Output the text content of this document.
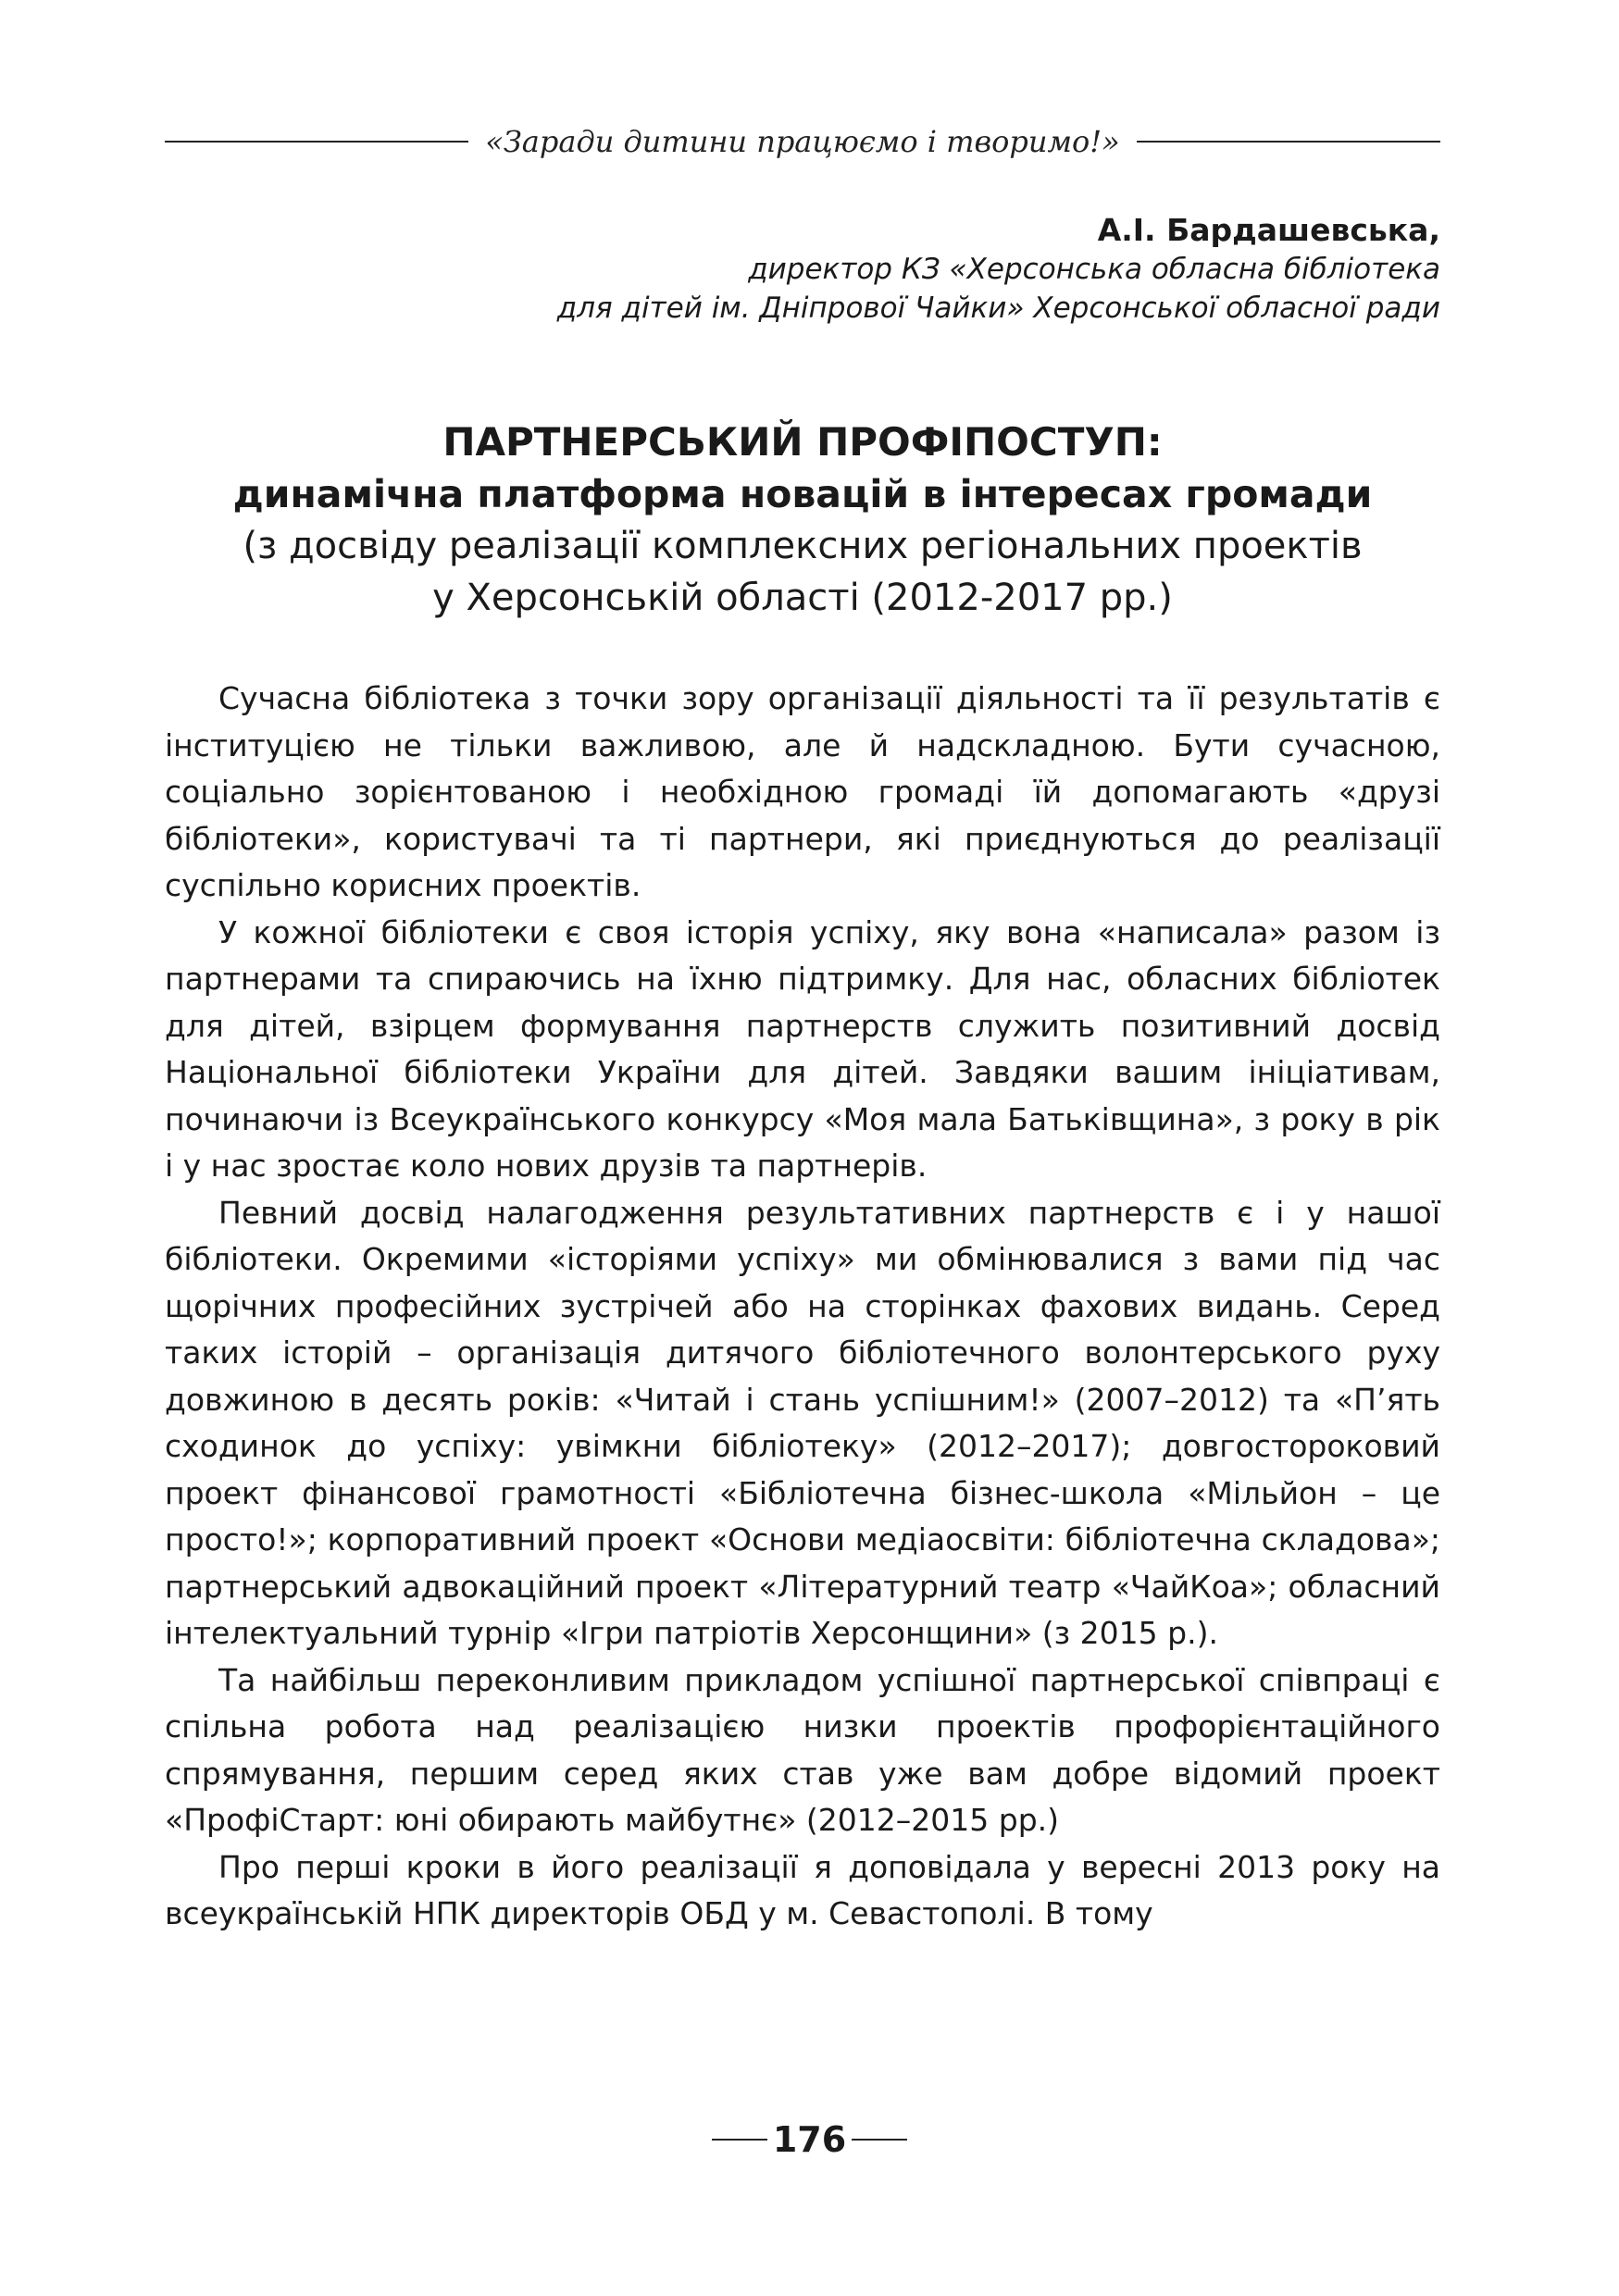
«Заради дитини працюємо і творимо!»
А.І. Бардашевська,
директор КЗ «Херсонська обласна бібліотека
для дітей ім. Дніпрової Чайки» Херсонської обласної ради
ПАРТНЕРСЬКИЙ ПРОФІПОСТУП:
динамічна платформа новацій в інтересах громади
(з досвіду реалізації комплексних регіональних проектів
у Херсонській області (2012-2017 рр.)

Сучасна бібліотека з точки зору організації діяльності та її результатів є інституцією не тільки важливою, але й надскладною. Бути сучасною, соціально зорієнтованою і необхідною громаді їй допомагають «друзі бібліотеки», користувачі та ті партнери, які приєднуються до реалізації суспільно корисних проектів.

У кожної бібліотеки є своя історія успіху, яку вона «написала» разом із партнерами та спираючись на їхню підтримку. Для нас, обласних бібліотек для дітей, взірцем формування партнерств служить позитивний досвід Національної бібліотеки України для дітей. Завдяки вашим ініціативам, починаючи із Всеукраїнського конкурсу «Моя мала Батьківщина», з року в рік і у нас зростає коло нових друзів та партнерів.

Певний досвід налагодження результативних партнерств є і у нашої бібліотеки. Окремими «історіями успіху» ми обмінювалися з вами під час щорічних професійних зустрічей або на сторінках фахових видань. Серед таких історій – організація дитячого бібліотечного волонтерського руху довжиною в десять років: «Читай і стань успішним!» (2007–2012) та «П’ять сходинок до успіху: увімкни бібліотеку» (2012–2017); довгостороковий проект фінансової грамотності «Бібліотечна бізнес-школа «Мільйон – це просто!»; корпоративний проект «Основи медіаосвіти: бібліотечна складова»; партнерський адвокаційний проект «Літературний театр «ЧайКоа»; обласний інтелектуальний турнір «Ігри патріотів Херсонщини» (з 2015 р.).

Та найбільш переконливим прикладом успішної партнерської співпраці є спільна робота над реалізацією низки проектів профорієнтаційного спрямування, першим серед яких став уже вам добре відомий проект «ПрофіСтарт: юні обирають майбутнє» (2012–2015 рр.)

Про перші кроки в його реалізації я доповідала у вересні 2013 року на всеукраїнській НПК директорів ОБД у м. Севастополі. В тому

176
